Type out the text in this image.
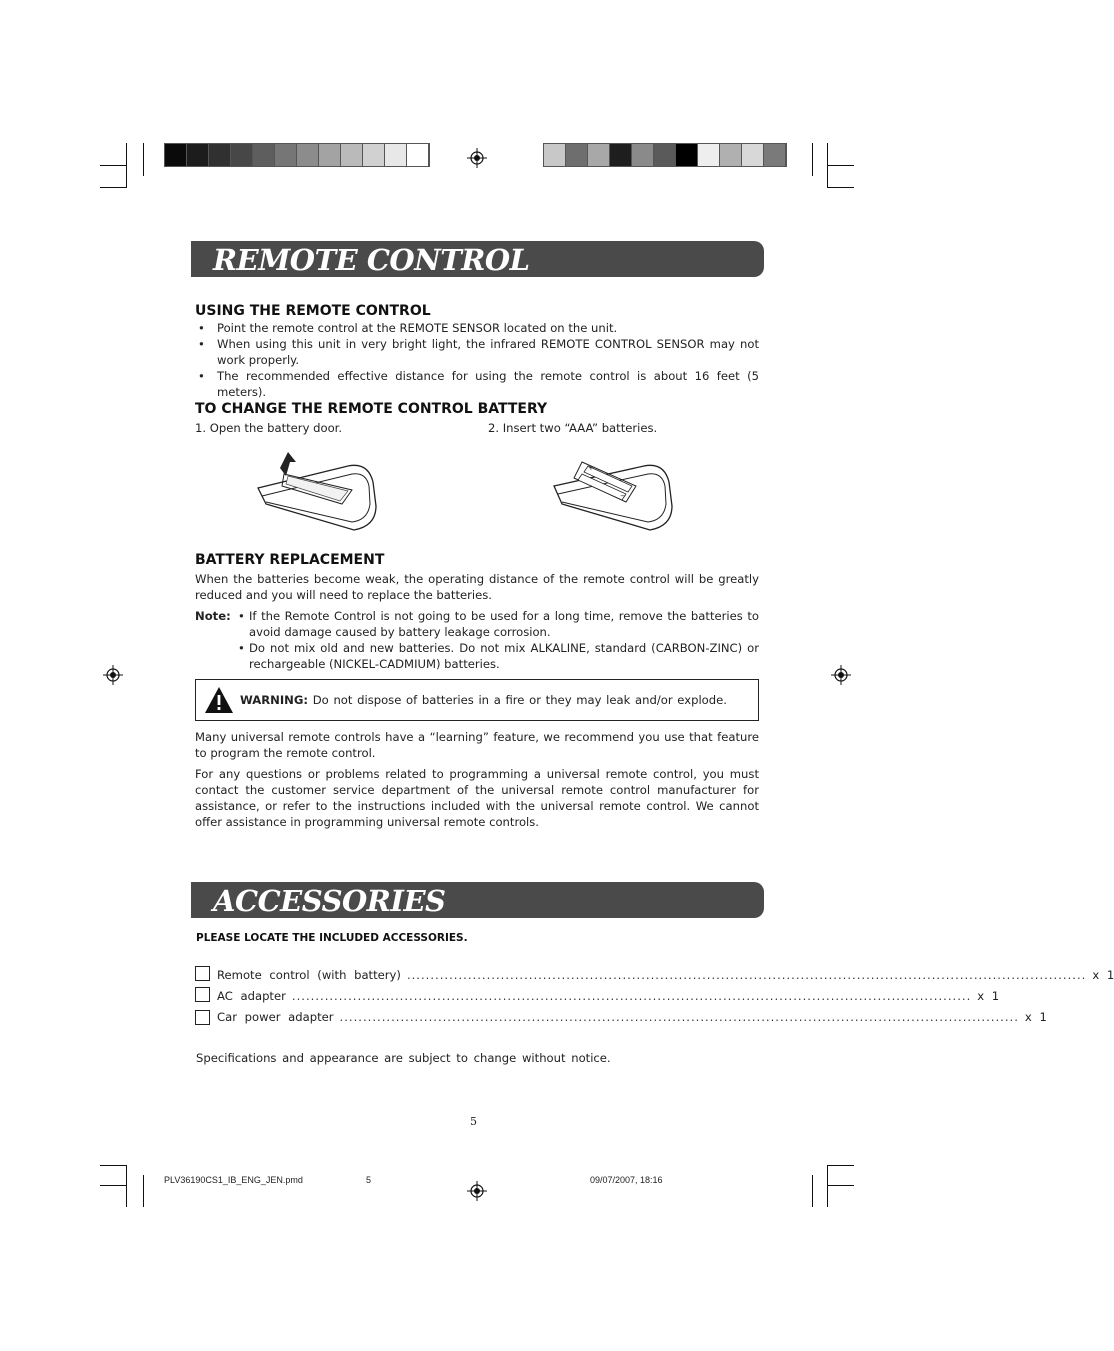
REMOTE CONTROL
USING THE REMOTE CONTROL
• Point the remote control at the REMOTE SENSOR located on the unit.
• When using this unit in very bright light, the infrared REMOTE CONTROL SENSOR may not work properly.
• The recommended effective distance for using the remote control is about 16 feet (5 meters).
TO CHANGE THE REMOTE CONTROL BATTERY
1. Open the battery door.	2. Insert two “AAA” batteries.
+
−
BATTERY REPLACEMENT
When the batteries become weak, the operating distance of the remote control will be greatly reduced and you will need to replace the batteries.
Note: • If the Remote Control is not going to be used for a long time, remove the batteries to avoid damage caused by battery leakage corrosion.
• Do not mix old and new batteries. Do not mix ALKALINE, standard (CARBON-ZINC) or rechargeable (NICKEL-CADMIUM) batteries.
WARNING: Do not dispose of batteries in a fire or they may leak and/or explode.
Many universal remote controls have a “learning” feature, we recommend you use that feature to program the remote control.
For any questions or problems related to programming a universal remote control, you must contact the customer service department of the universal remote control manufacturer for assistance, or refer to the instructions included with the universal remote control. We cannot offer assistance in programming universal remote controls.
ACCESSORIES
PLEASE LOCATE THE INCLUDED ACCESSORIES.
Remote control (with battery) ................................................................................................................................................. x 1
AC adapter ................................................................................................................................................. x 1
Car power adapter ................................................................................................................................................. x 1
Specifications and appearance are subject to change without notice.
5
PLV36190CS1_IB_ENG_JEN.pmd	5	09/07/2007, 18:16
